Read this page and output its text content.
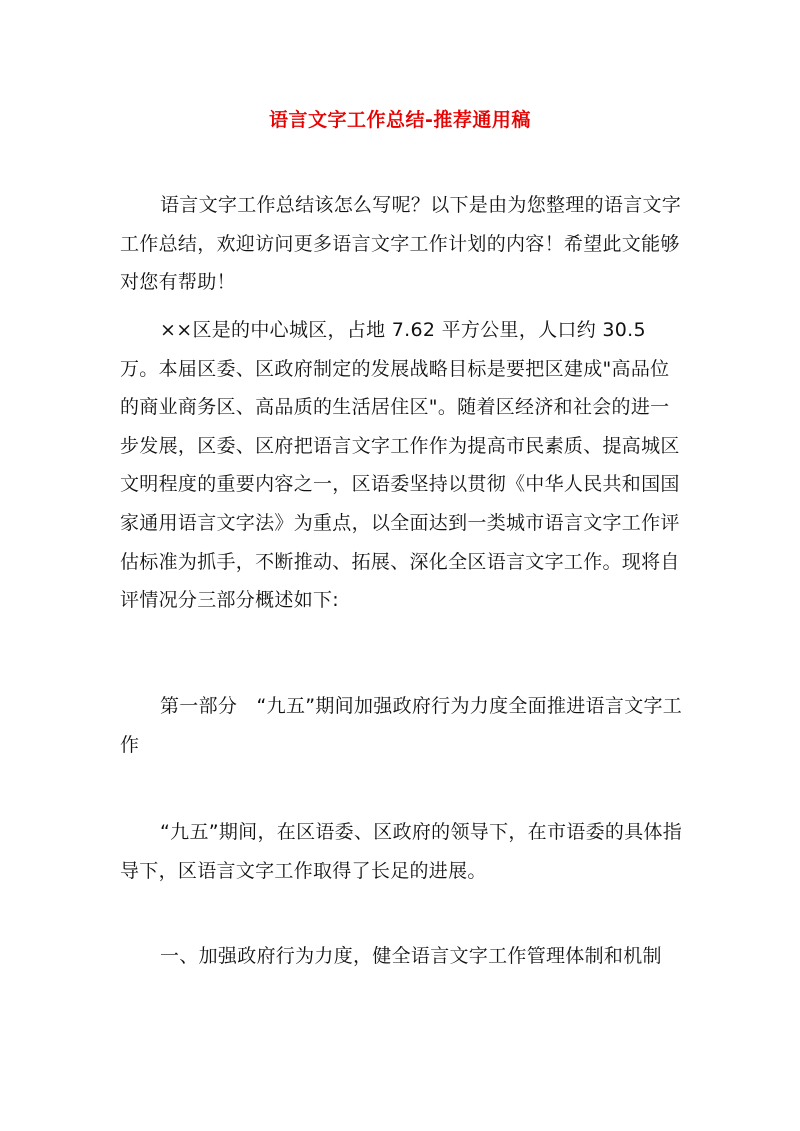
语言文字工作总结-推荐通用稿

语言文字工作总结该怎么写呢？以下是由为您整理的语言文字工作总结，欢迎访问更多语言文字工作计划的内容！希望此文能够对您有帮助！

××区是的中心城区，占地 7.62 平方公里，人口约 30.5 万。本届区委、区政府制定的发展战略目标是要把区建成"高品位的商业商务区、高品质的生活居住区"。随着区经济和社会的进一步发展，区委、区府把语言文字工作作为提高市民素质、提高城区文明程度的重要内容之一，区语委坚持以贯彻《中华人民共和国国家通用语言文字法》为重点，以全面达到一类城市语言文字工作评估标准为抓手，不断推动、拓展、深化全区语言文字工作。现将自评情况分三部分概述如下:

第一部分　“九五”期间加强政府行为力度全面推进语言文字工作

“九五”期间，在区语委、区政府的领导下，在市语委的具体指导下，区语言文字工作取得了长足的进展。

一、加强政府行为力度，健全语言文字工作管理体制和机制
